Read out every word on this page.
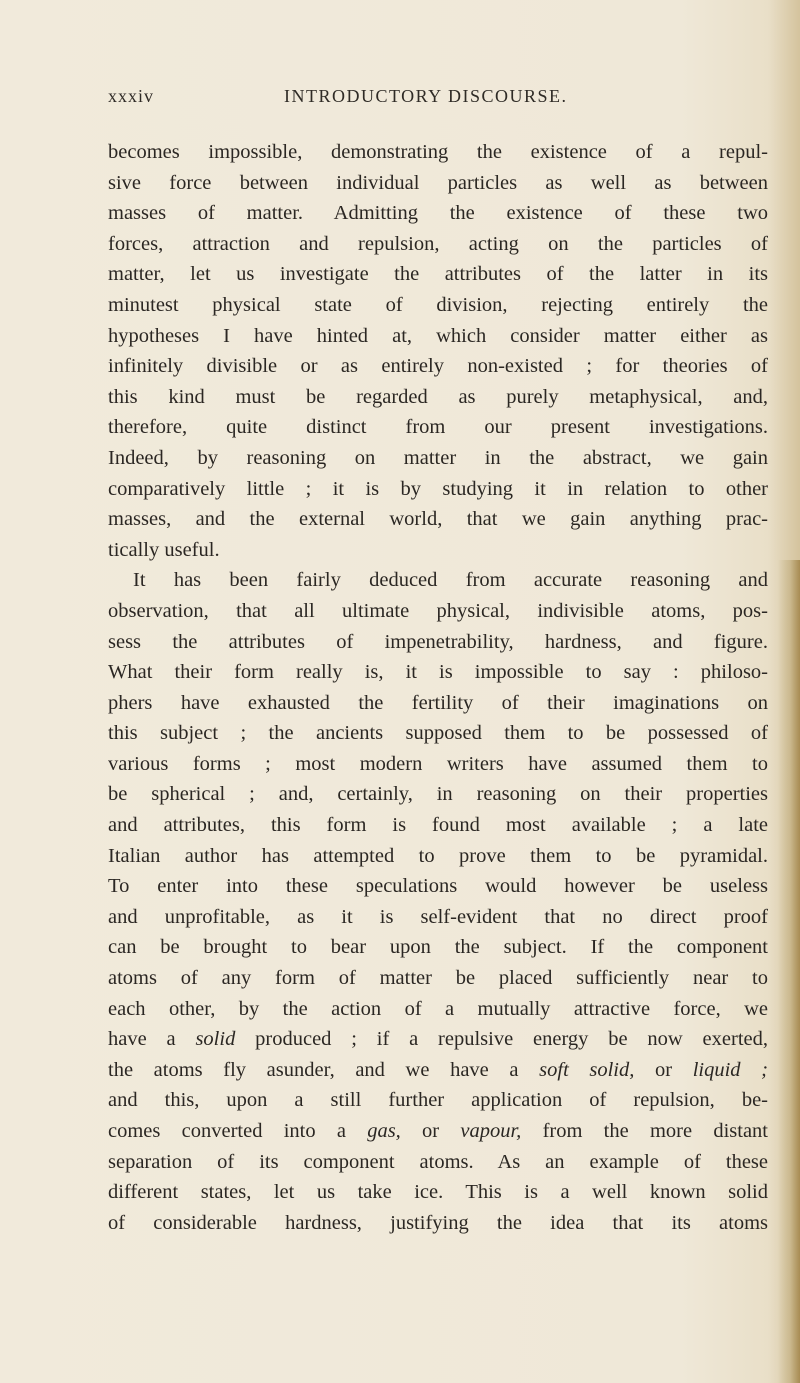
xxxiv	INTRODUCTORY DISCOURSE.
becomes impossible, demonstrating the existence of a repul-
sive force between individual particles as well as between
masses of matter. Admitting the existence of these two
forces, attraction and repulsion, acting on the particles of
matter, let us investigate the attributes of the latter in its
minutest physical state of division, rejecting entirely the
hypotheses I have hinted at, which consider matter either as
infinitely divisible or as entirely non-existed ; for theories of
this kind must be regarded as purely metaphysical, and,
therefore, quite distinct from our present investigations.
Indeed, by reasoning on matter in the abstract, we gain
comparatively little ; it is by studying it in relation to other
masses, and the external world, that we gain anything prac-
tically useful.
It has been fairly deduced from accurate reasoning and
observation, that all ultimate physical, indivisible atoms, pos-
sess the attributes of impenetrability, hardness, and figure.
What their form really is, it is impossible to say : philoso-
phers have exhausted the fertility of their imaginations on
this subject ; the ancients supposed them to be possessed of
various forms ; most modern writers have assumed them to
be spherical ; and, certainly, in reasoning on their properties
and attributes, this form is found most available ; a late
Italian author has attempted to prove them to be pyramidal.
To enter into these speculations would however be useless
and unprofitable, as it is self-evident that no direct proof
can be brought to bear upon the subject. If the component
atoms of any form of matter be placed sufficiently near to
each other, by the action of a mutually attractive force, we
have a solid produced ; if a repulsive energy be now exerted,
the atoms fly asunder, and we have a soft solid, or liquid ;
and this, upon a still further application of repulsion, be-
comes converted into a gas, or vapour, from the more distant
separation of its component atoms. As an example of these
different states, let us take ice. This is a well known solid
of considerable hardness, justifying the idea that its atoms
